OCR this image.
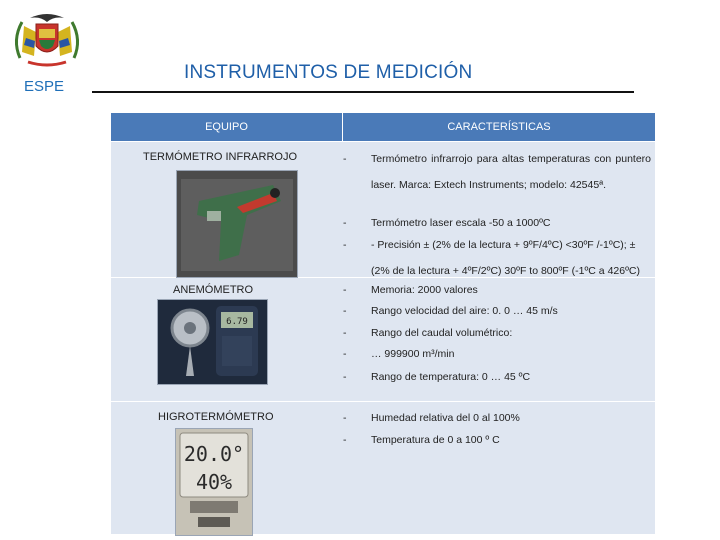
ESPE
INSTRUMENTOS DE MEDICIÓN
EQUIPO	CARACTERÍSTICAS
TERMÓMETRO INFRARROJO	- Termómetro infrarrojo para altas temperaturas con puntero laser. Marca: Extech Instruments; modelo: 42545ª.
- Termómetro laser escala -50 a 1000ºC
- - Precisión ± (2% de la lectura + 9ºF/4ºC) <30ºF /-1ºC); ± (2% de la lectura + 4ºF/2ºC) 30ºF to 800ºF (-1ºC a 426ºC)
ANEMÓMETRO
6.79
- Memoria: 2000 valores
- Rango velocidad del aire: 0. 0 … 45 m/s
- Rango del caudal volumétrico:
- … 999900 m³/min
- Rango de temperatura: 0 … 45 ºC
HIGROTERMÓMETRO
20.0°
40%
- Humedad relativa del 0 al 100%
- Temperatura de 0 a 100 º C
